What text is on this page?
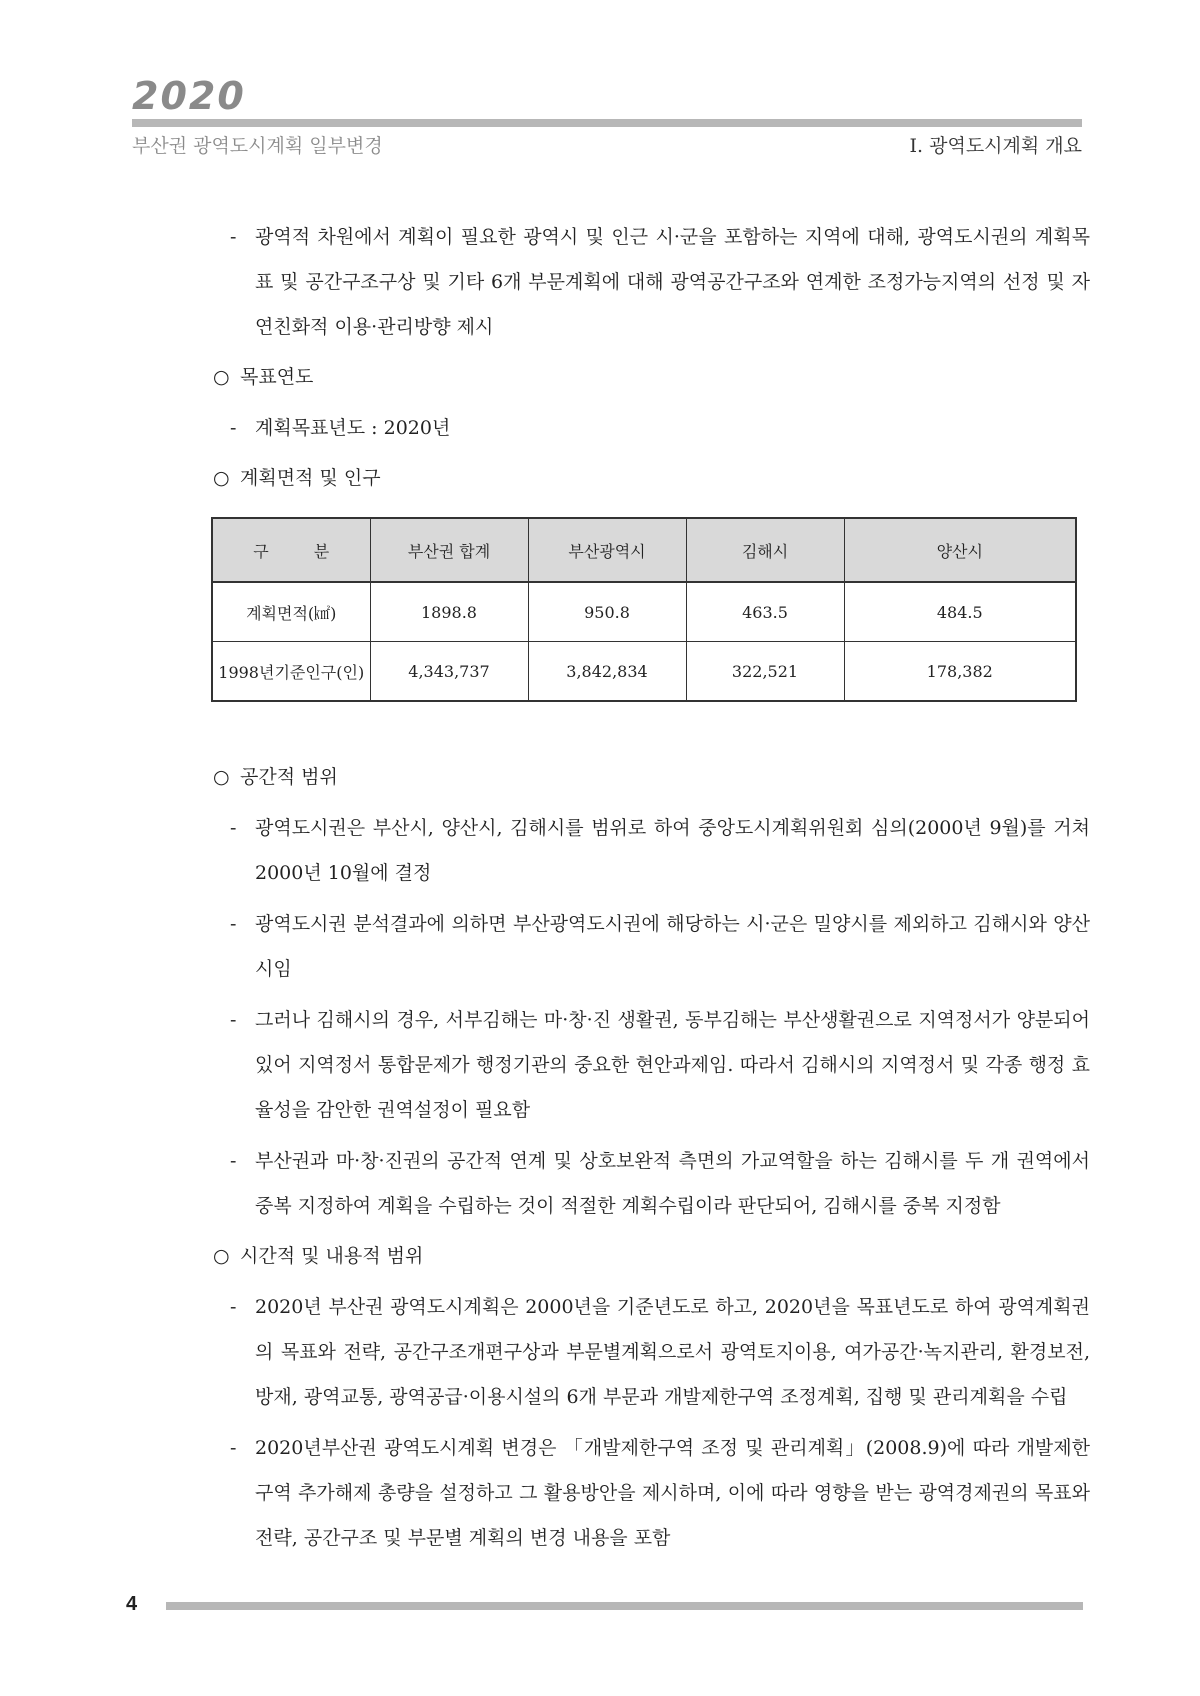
2020
부산권 광역도시계획 일부변경	Ⅰ. 광역도시계획 개요
- 광역적 차원에서 계획이 필요한 광역시 및 인근 시·군을 포함하는 지역에 대해, 광역도시권의 계획목표 및 공간구조구상 및 기타 6개 부문계획에 대해 광역공간구조와 연계한 조정가능지역의 선정 및 자연친화적 이용·관리방향 제시
○ 목표연도
- 계획목표년도 : 2020년
○ 계획면적 및 인구
구 분	부산권 합계	부산광역시	김해시	양산시
계획면적(㎢)	1898.8	950.8	463.5	484.5
1998년기준인구(인)	4,343,737	3,842,834	322,521	178,382
○ 공간적 범위
- 광역도시권은 부산시, 양산시, 김해시를 범위로 하여 중앙도시계획위원회 심의(2000년 9월)를 거쳐 2000년 10월에 결정
- 광역도시권 분석결과에 의하면 부산광역도시권에 해당하는 시·군은 밀양시를 제외하고 김해시와 양산시임
- 그러나 김해시의 경우, 서부김해는 마·창·진 생활권, 동부김해는 부산생활권으로 지역정서가 양분되어있어 지역정서 통합문제가 행정기관의 중요한 현안과제임. 따라서 김해시의 지역정서 및 각종 행정 효율성을 감안한 권역설정이 필요함
- 부산권과 마·창·진권의 공간적 연계 및 상호보완적 측면의 가교역할을 하는 김해시를 두 개 권역에서 중복 지정하여 계획을 수립하는 것이 적절한 계획수립이라 판단되어, 김해시를 중복 지정함
○ 시간적 및 내용적 범위
- 2020년 부산권 광역도시계획은 2000년을 기준년도로 하고, 2020년을 목표년도로 하여 광역계획권의 목표와 전략, 공간구조개편구상과 부문별계획으로서 광역토지이용, 여가공간·녹지관리, 환경보전, 방재, 광역교통, 광역공급·이용시설의 6개 부문과 개발제한구역 조정계획, 집행 및 관리계획을 수립
- 2020년부산권 광역도시계획 변경은 「개발제한구역 조정 및 관리계획」(2008.9)에 따라 개발제한구역 추가해제 총량을 설정하고 그 활용방안을 제시하며, 이에 따라 영향을 받는 광역경제권의 목표와 전략, 공간구조 및 부문별 계획의 변경 내용을 포함
4
